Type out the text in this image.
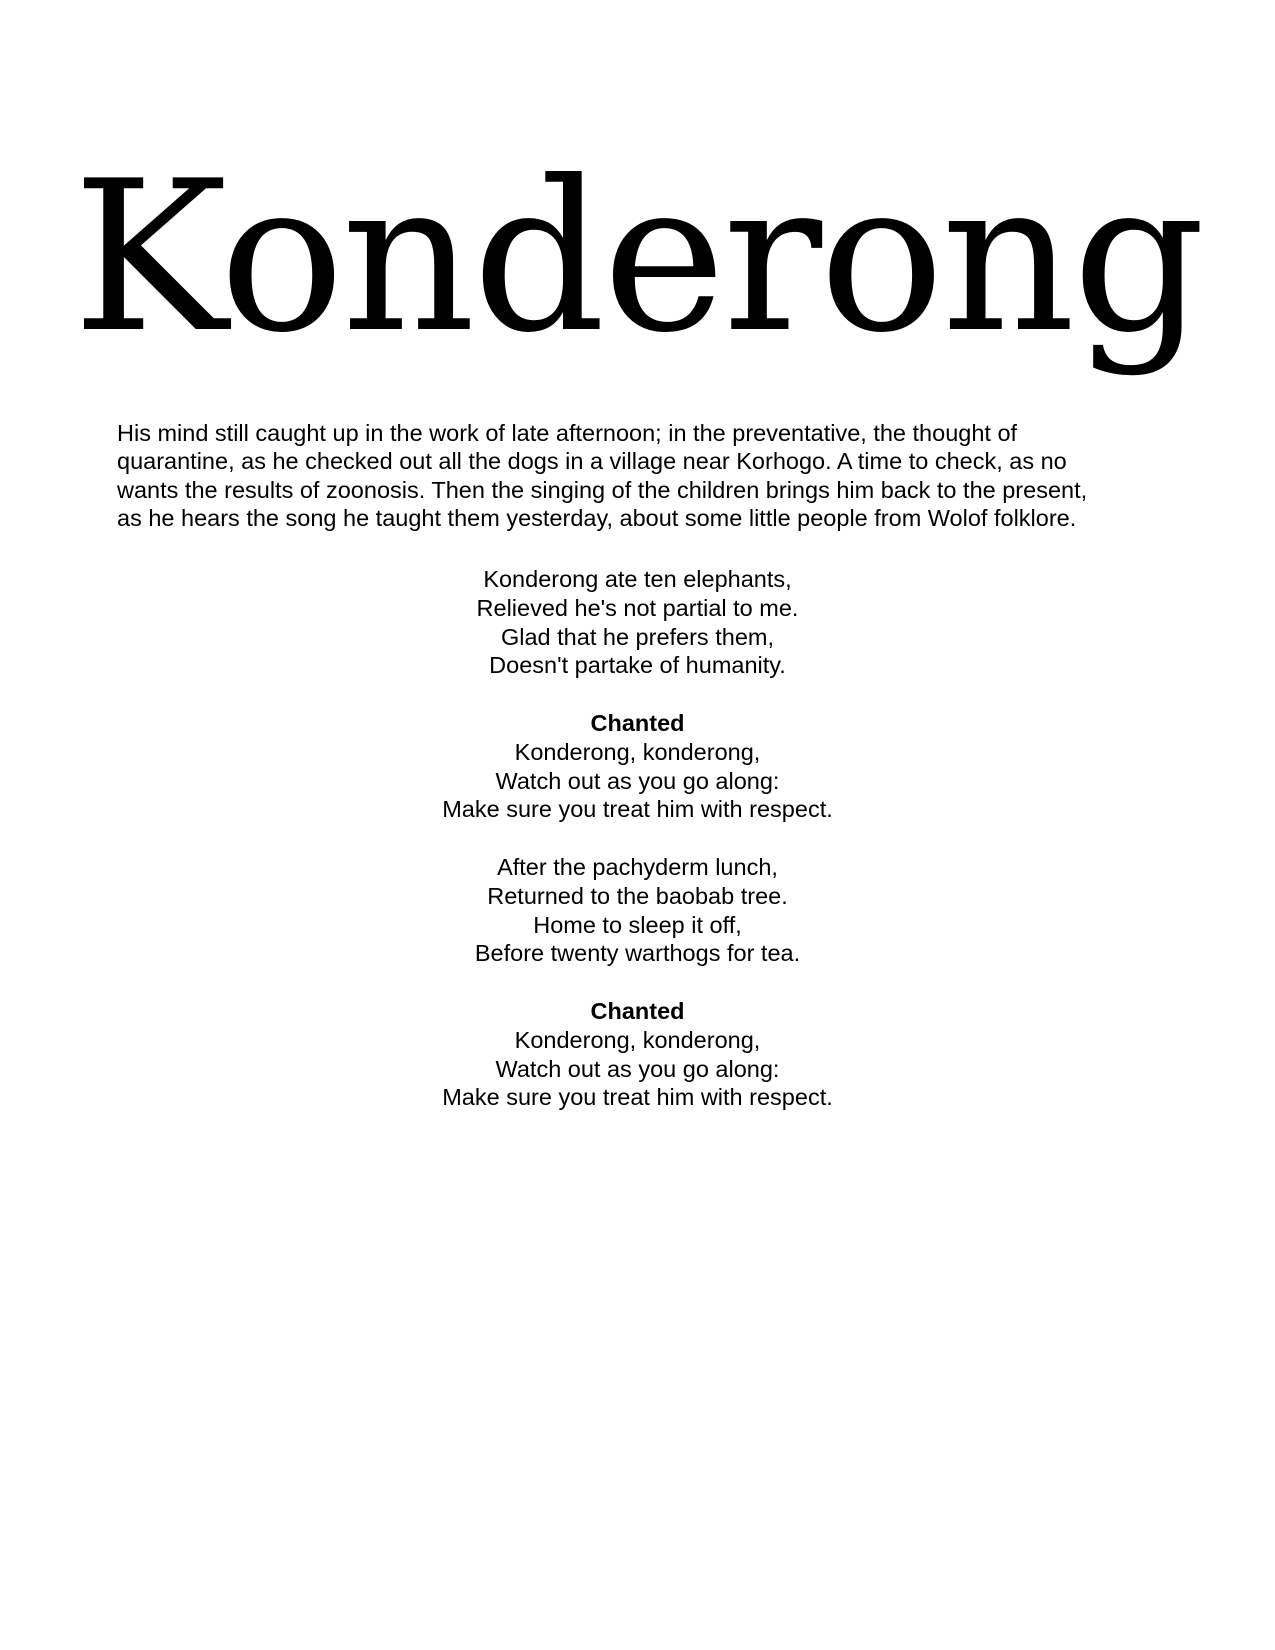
Konderong

His mind still caught up in the work of late afternoon; in the preventative, the thought of
quarantine, as he checked out all the dogs in a village near Korhogo. A time to check, as no
wants the results of zoonosis. Then the singing of the children brings him back to the present,
as he hears the song he taught them yesterday, about some little people from Wolof folklore.

Konderong ate ten elephants,
Relieved he's not partial to me.
Glad that he prefers them,
Doesn't partake of humanity.
Chanted
Konderong, konderong,
Watch out as you go along:
Make sure you treat him with respect.
After the pachyderm lunch,
Returned to the baobab tree.
Home to sleep it off,
Before twenty warthogs for tea.
Chanted
Konderong, konderong,
Watch out as you go along:
Make sure you treat him with respect.
